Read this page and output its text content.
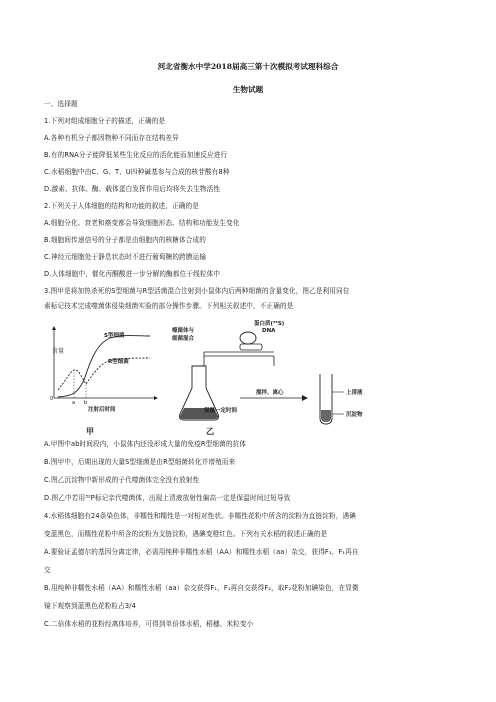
河北省衡水中学2018届高三第十次模拟考试理科综合
生物试题
一、选择题
1.下列对组成细胞分子的描述，正确的是
A.各种有机分子都因物种不同而存在结构差异
B.有的RNA分子能降低某些生化反应的活化能而加速反应进行
C.水稻细胞中由C、G、T、U四种碱基参与合成的核苷酸有8种
D.激素、抗体、酶、载体蛋白发挥作用后均将失去生物活性
2.下列关于人体细胞的结构和功能的叙述，正确的是
A.细胞分化、衰老和癌变都会导致细胞形态、结构和功能发生变化
B.细胞间传递信号的分子都是由细胞内的核糖体合成的
C.神经元细胞处于静息状态时不进行葡萄糖的跨膜运输
D.人体细胞中，催化丙酮酸进一步分解的酶都位于线粒体中
3.图甲是将加热杀死的S型细菌与R型活菌混合注射到小鼠体内后两种细菌的含量变化，图乙是利用同位
素标记技术完成噬菌体侵染细菌实验的部分操作步骤。下列相关叙述中，不正确的是
含量
S型细菌
R型细菌
注射后时间
0
a b
甲
噬菌体与
细菌混合
蛋白质(³⁵S)
DNA
保温一定时间
搅拌、离心	上清液
沉淀物
乙
A.甲图中ab时间段内，小鼠体内还没形成大量的免疫R型细菌的抗体
B.图甲中，后期出现的大量S型细菌是由R型细菌转化并增殖而来
C.图乙沉淀物中新形成的子代噬菌体完全没有放射性
D.图乙中若用³²P标记亲代噬菌体，出现上清液放射性偏高一定是保温时间过短导致
4.水稻体细胞有24条染色体，非糯性和糯性是一对相对性状。非糯性花粉中所含的淀粉为直链淀粉，遇碘
变蓝黑色，而糯性花粉中所含的淀粉为支链淀粉，遇碘变橙红色。下列有关水稻的叙述正确的是
A.要验证孟德尔的基因分离定律，必需用纯种非糯性水稻（AA）和糯性水稻（aa）杂交，获得F₁，F₁再自
交
B.用纯种非糯性水稻（AA）和糯性水稻（aa）杂交获得F₁，F₁再自交获得F₂，取F₂花粉加碘染色，在显微
镜下观察到蓝黑色花粉粒占3/4
C.二倍体水稻的花粉经离体培养，可得到单倍体水稻，稻穗、米粒变小
